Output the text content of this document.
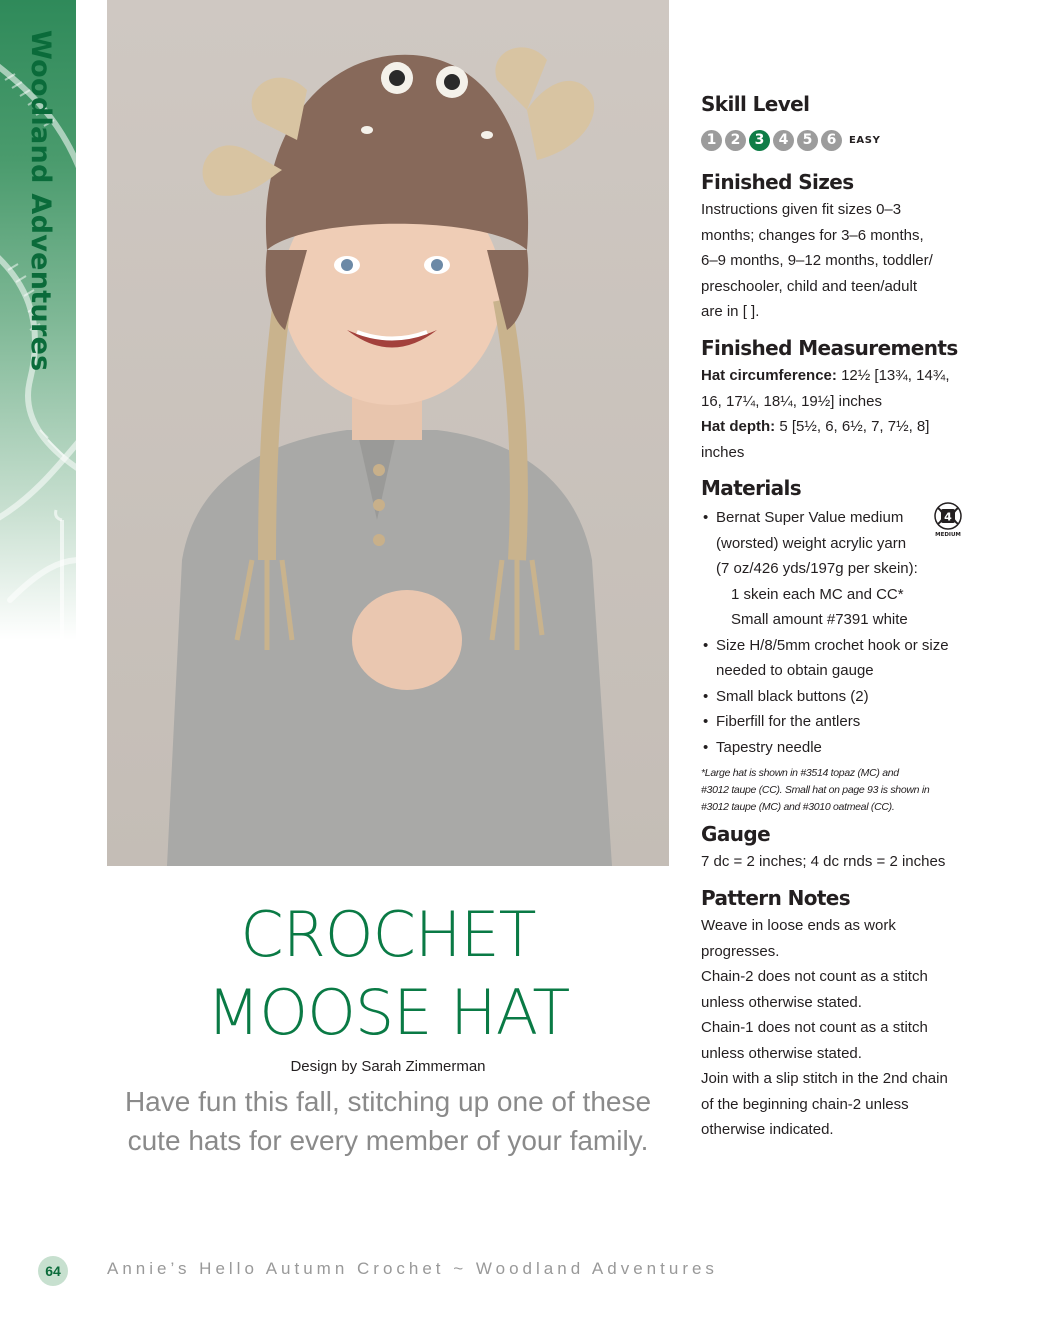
Woodland Adventures
CROCHET
MOOSE HAT
Design by Sarah Zimmerman
Have fun this fall, stitching up one of these
cute hats for every member of your family.
Skill Level
1	2	3	4	5	6	EASY
Finished Sizes
Instructions given fit sizes 0–3
months; changes for 3–6 months,
6–9 months, 9–12 months, toddler/
preschooler, child and teen/adult
are in [ ].
Finished Measurements
Hat circumference: 12½ [13¾, 14¾,
16, 17¼, 18¼, 19½] inches
Hat depth: 5 [5½, 6, 6½, 7, 7½, 8]
inches
Materials
4
MEDIUM
• Bernat Super Value medium
(worsted) weight acrylic yarn
(7 oz/426 yds/197g per skein):
1 skein each MC and CC*
Small amount #7391 white
• Size H/8/5mm crochet hook or size
needed to obtain gauge
• Small black buttons (2)
• Fiberfill for the antlers
• Tapestry needle
*Large hat is shown in #3514 topaz (MC) and
#3012 taupe (CC). Small hat on page 93 is shown in
#3012 taupe (MC) and #3010 oatmeal (CC).
Gauge
7 dc = 2 inches; 4 dc rnds = 2 inches
Pattern Notes
Weave in loose ends as work
progresses.
Chain-2 does not count as a stitch
unless otherwise stated.
Chain-1 does not count as a stitch
unless otherwise stated.
Join with a slip stitch in the 2nd chain
of the beginning chain-2 unless
otherwise indicated.
64	Annie’s Hello Autumn Crochet ~ Woodland Adventures
